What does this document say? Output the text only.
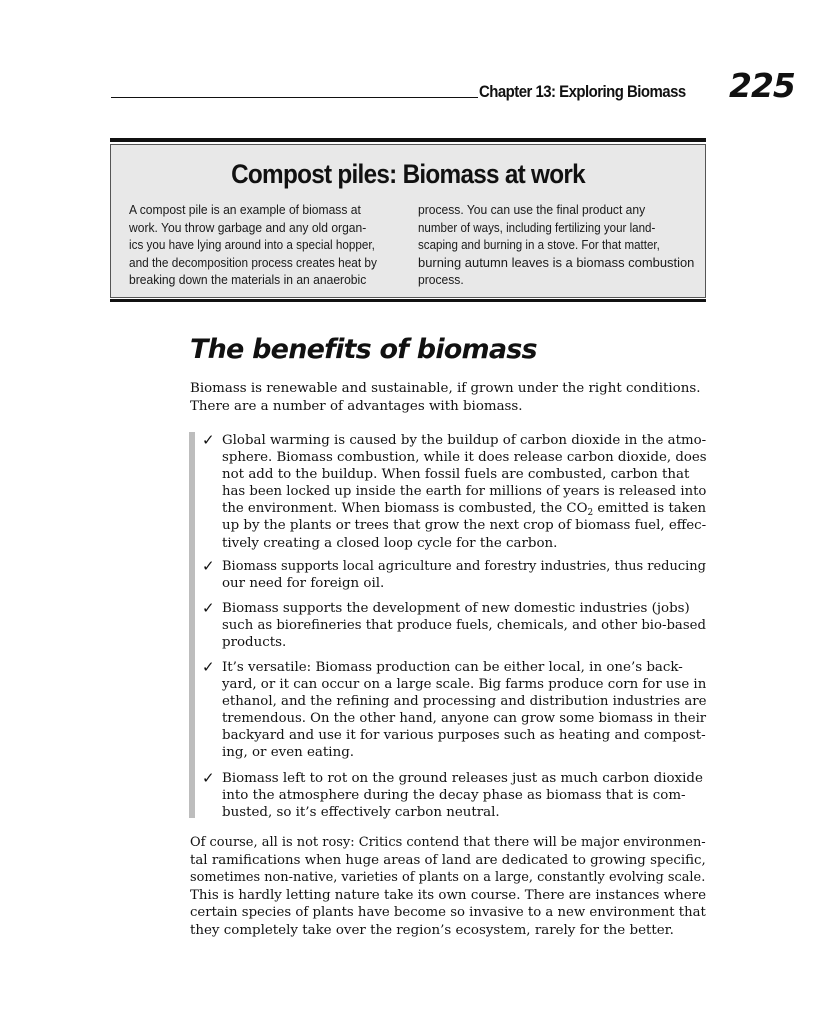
Chapter 13: Exploring Biomass 225
Compost piles: Biomass at work
A compost pile is an example of biomass at
work. You throw garbage and any old organ-
ics you have lying around into a special hopper,
and the decomposition process creates heat by
breaking down the materials in an anaerobic
process. You can use the final product any
number of ways, including fertilizing your land-
scaping and burning in a stove. For that matter,
burning autumn leaves is a biomass combustion
process.
The benefits of biomass
Biomass is renewable and sustainable, if grown under the right conditions.
There are a number of advantages with biomass.
✓ Global warming is caused by the buildup of carbon dioxide in the atmo-
sphere. Biomass combustion, while it does release carbon dioxide, does
not add to the buildup. When fossil fuels are combusted, carbon that
has been locked up inside the earth for millions of years is released into
the environment. When biomass is combusted, the $CO_2$ emitted is taken
up by the plants or trees that grow the next crop of biomass fuel, effec-
tively creating a closed loop cycle for the carbon.
✓ Biomass supports local agriculture and forestry industries, thus reducing
our need for foreign oil.
✓ Biomass supports the development of new domestic industries (jobs)
such as biorefineries that produce fuels, chemicals, and other bio-based
products.
✓ It’s versatile: Biomass production can be either local, in one’s back-
yard, or it can occur on a large scale. Big farms produce corn for use in
ethanol, and the refining and processing and distribution industries are
tremendous. On the other hand, anyone can grow some biomass in their
backyard and use it for various purposes such as heating and compost-
ing, or even eating.
✓ Biomass left to rot on the ground releases just as much carbon dioxide
into the atmosphere during the decay phase as biomass that is com-
busted, so it’s effectively carbon neutral.
Of course, all is not rosy: Critics contend that there will be major environmen-
tal ramifications when huge areas of land are dedicated to growing specific,
sometimes non-native, varieties of plants on a large, constantly evolving scale.
This is hardly letting nature take its own course. There are instances where
certain species of plants have become so invasive to a new environment that
they completely take over the region’s ecosystem, rarely for the better.
